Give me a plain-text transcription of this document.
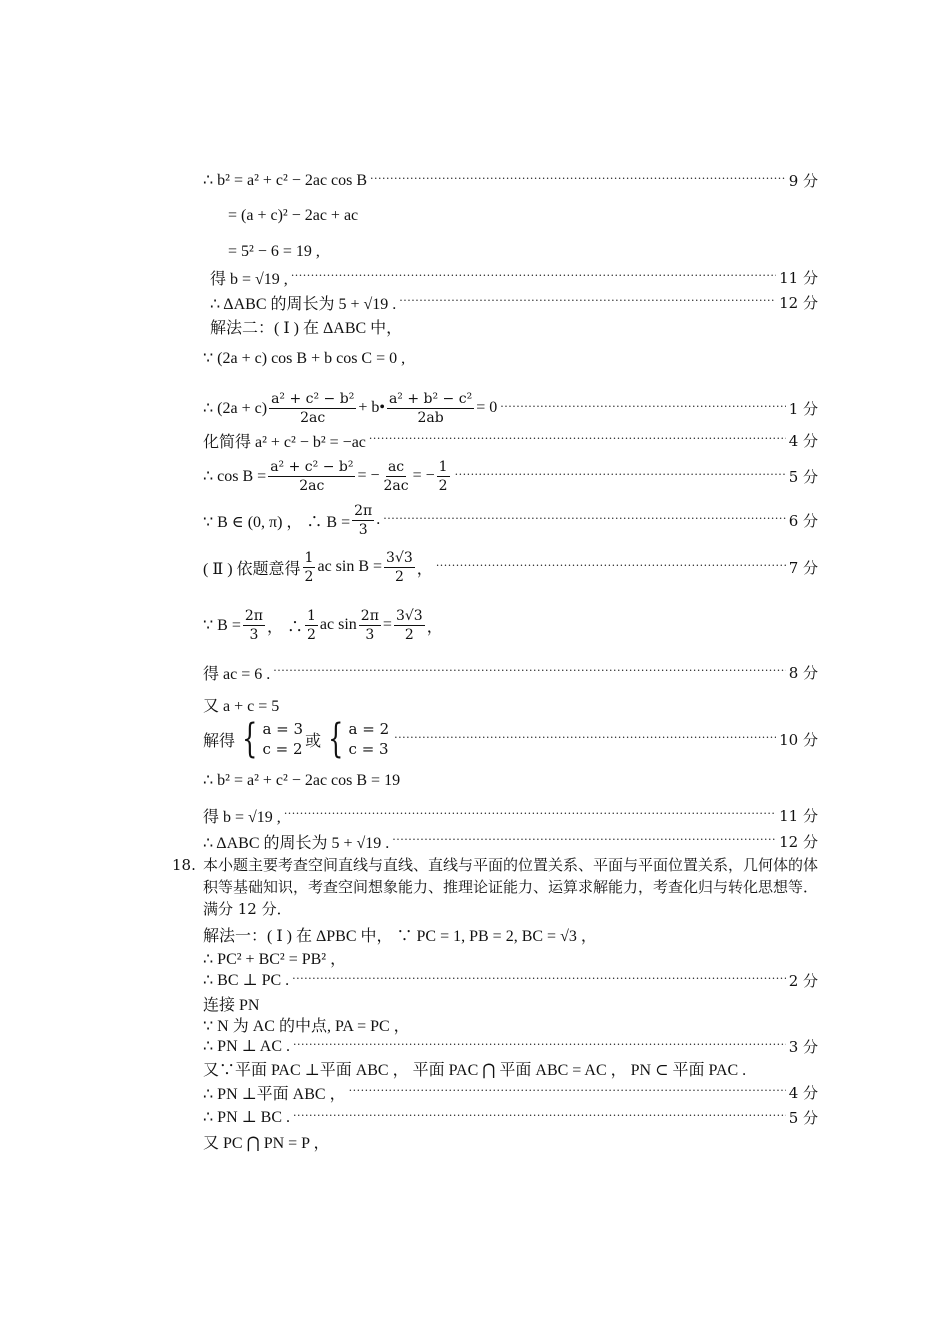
∴ b² = a² + c² − 2ac cos B ·····	9 分
= (a + c)² − 2ac + ac
= 5² − 6 = 19 ,
得 b = √19 , ·····	11 分
∴ ΔABC 的周长为 5 + √19 . ·····	12 分
解法二：( Ⅰ ) 在 ΔABC 中，
∵ (2a + c) cos B + b cos C = 0 ,
∴ $(2a + c) \frac{\text{a² + c² − b²}}{2ac}$ + b• $\frac{\text{a² + b² − c²}}{2ab} = 0$ ·····	1 分
化简得 a² + c² − b² = −ac ·····	4 分
∴ $\cos B = \frac{\text{a² + c² − b²}}{2ac}$ = − $\frac{ac}{2ac}$ = − $\frac{1}{2}$ ·····	5 分
∵ B ∈ (0, π) ， ∴ $B = \frac{2\pi}{3}$ . ·····	6 分
( Ⅱ ) 依题意得 $\frac{1}{2}$ ac $\sin B = \frac{3√3}{2}$ ， ·····	7 分
∵ $B = \frac{2\pi}{3}$ ， ∴ $\frac{1}{2}$ ac $\sin \frac{2\pi}{3} = \frac{3√3}{2}$ ，
得 ac = 6 . ·····	8 分
又 a + c = 5
解得 { a = 3
c = 2 或 { a = 2
c = 3
·····
10 分
∴ b² = a² + c² − 2ac cos B = 19
得 b = √19 , ·····	11 分
∴ ΔABC 的周长为 5 + √19 . ·····	12 分
18. 本小题主要考查空间直线与直线、直线与平面的位置关系、平面与平面位置关系，几何体的体积等基础知识，考查空间想象能力、推理论证能力、运算求解能力，考查化归与转化思想等．满分 12 分．
解法一：( Ⅰ ) 在 ΔPBC 中， ∵ PC = 1, PB = 2, BC = √3 ，
∴ PC² + BC² = PB² ，
∴ BC ⊥ PC . ·····	2 分
连接 PN
∵ N 为 AC 的中点, PA = PC ，
∴ PN ⊥ AC . ·····	3 分
又∵平面 PAC ⊥平面 ABC ， 平面 PAC ⋂ 平面 ABC = AC ， PN ⊂ 平面 PAC .
∴ PN ⊥平面 ABC ， ·····	4 分
∴ PN ⊥ BC . ·····	5 分
又 PC ⋂ PN = P ，
